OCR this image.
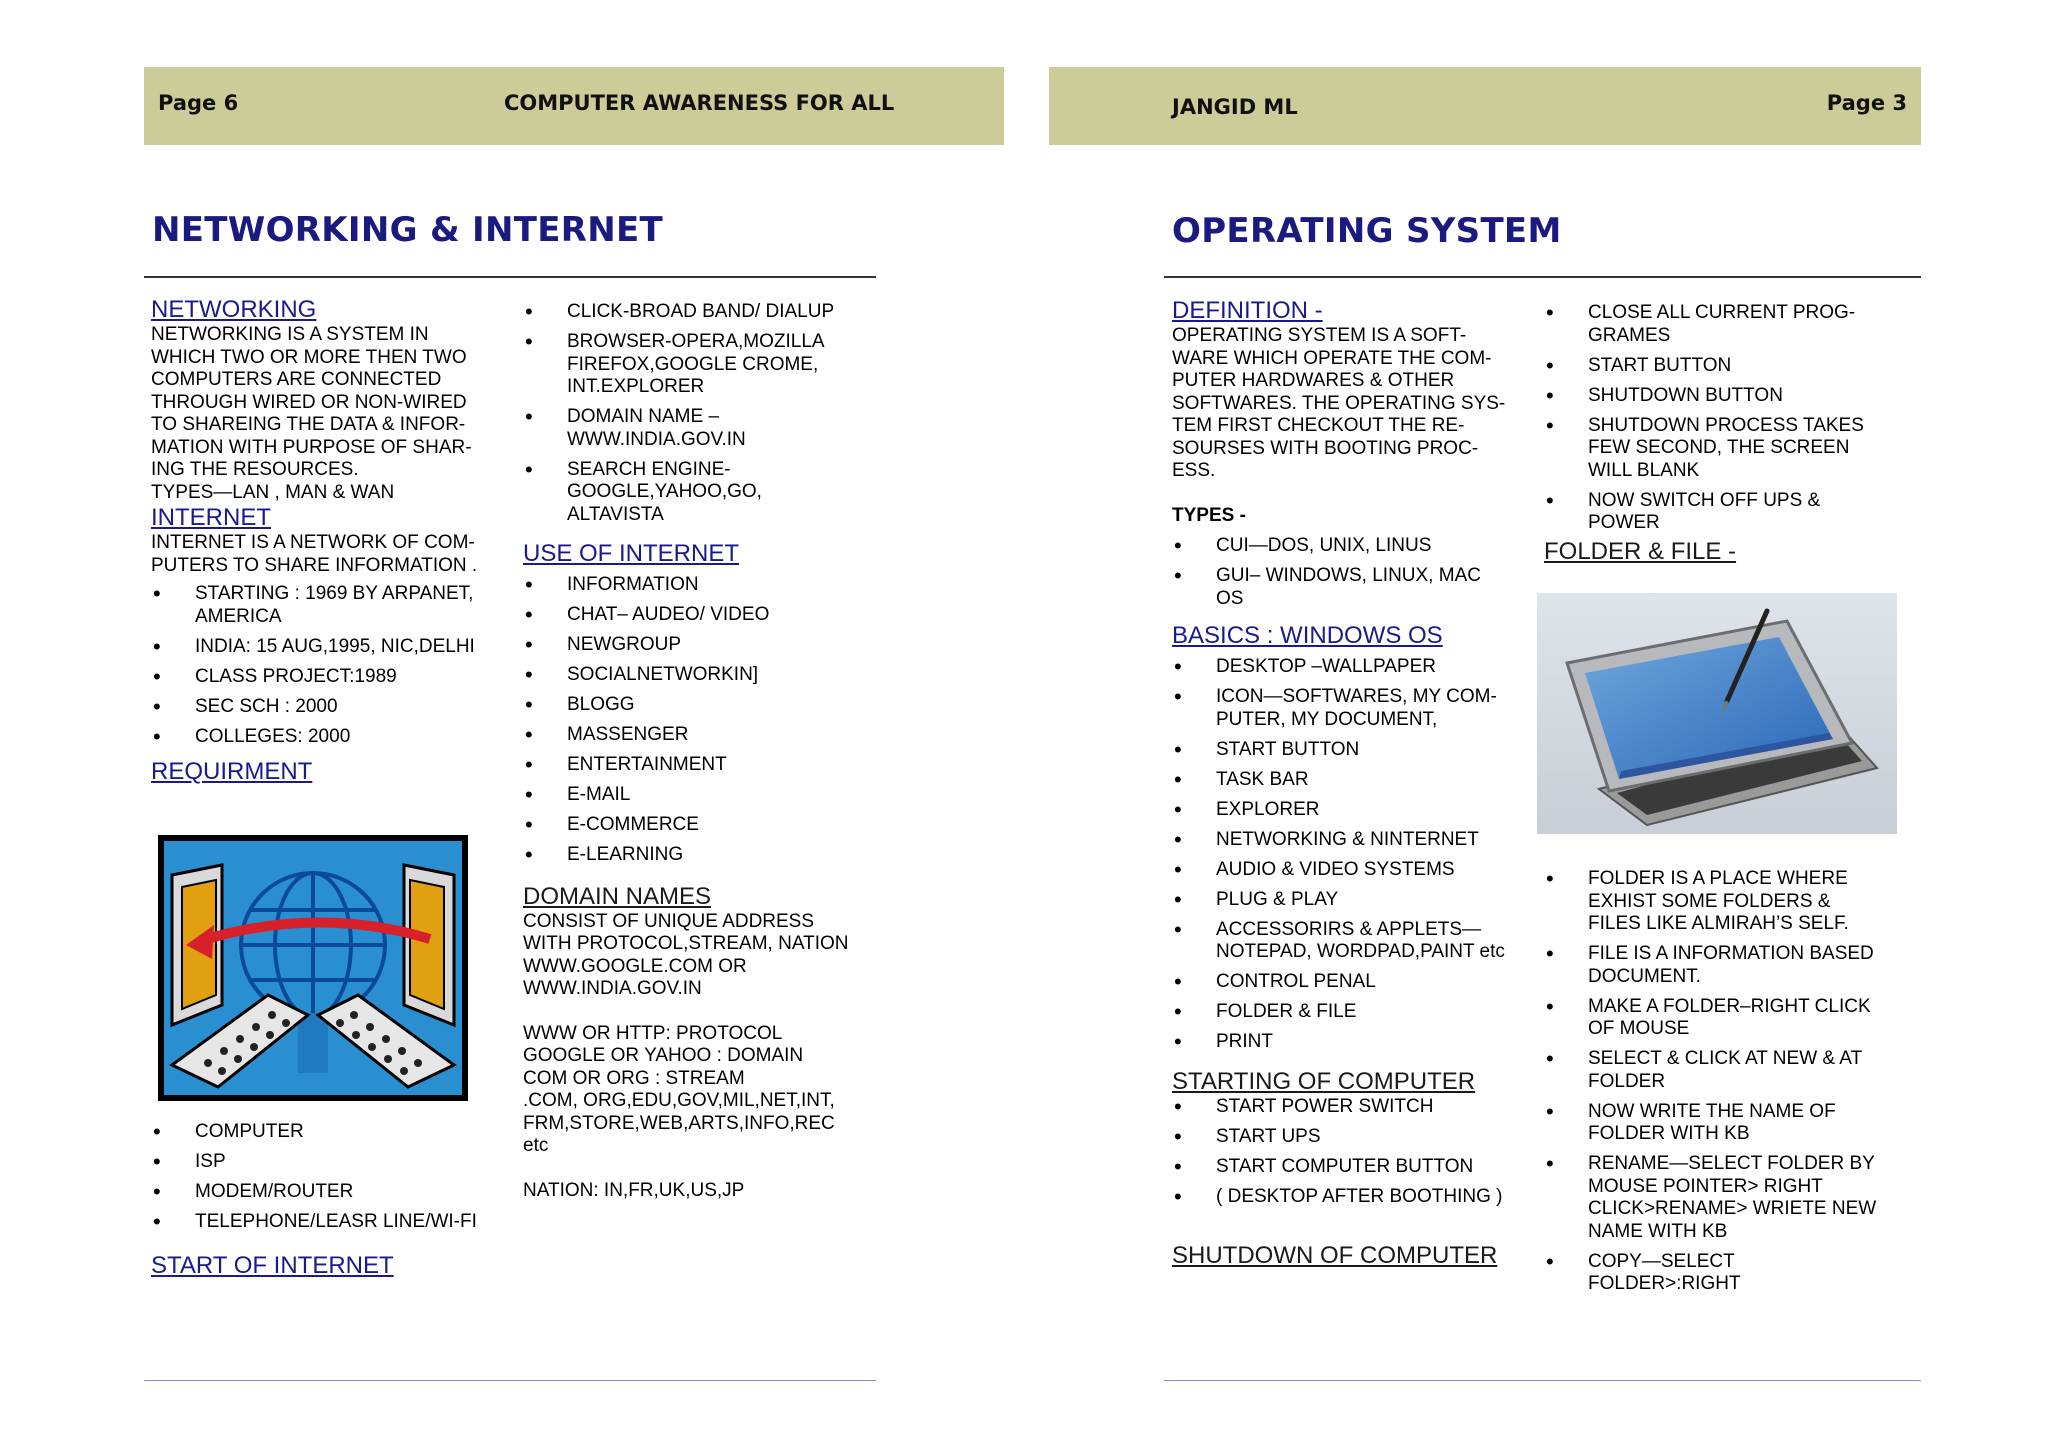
Page 6	COMPUTER AWARENESS FOR ALL
NETWORKING & INTERNET
NETWORKING

NETWORKING IS A SYSTEM IN
WHICH TWO OR MORE THEN TWO
COMPUTERS ARE CONNECTED
THROUGH WIRED OR NON-WIRED
TO SHAREING THE DATA & INFOR-
MATION WITH PURPOSE OF SHAR-
ING THE RESOURCES.
TYPES—LAN , MAN & WAN

INTERNET

INTERNET IS A NETWORK OF COM-
PUTERS TO SHARE INFORMATION .

• STARTING : 1969 BY ARPANET,
AMERICA
• INDIA: 15 AUG,1995, NIC,DELHI
• CLASS PROJECT:1989
• SEC SCH : 2000
• COLLEGES: 2000
REQUIRMENT
• COMPUTER
• ISP
• MODEM/ROUTER
• TELEPHONE/LEASR LINE/WI-FI
START OF INTERNET
• CLICK-BROAD BAND/ DIALUP
• BROWSER-OPERA,MOZILLA
FIREFOX,GOOGLE CROME,
INT.EXPLORER
• DOMAIN NAME –
WWW.INDIA.GOV.IN
• SEARCH ENGINE-
GOOGLE,YAHOO,GO,
ALTAVISTA
USE OF INTERNET
• INFORMATION
• CHAT– AUDEO/ VIDEO
• NEWGROUP
• SOCIALNETWORKIN]
• BLOGG
• MASSENGER
• ENTERTAINMENT
• E-MAIL
• E-COMMERCE
• E-LEARNING
DOMAIN NAMES

CONSIST OF UNIQUE ADDRESS
WITH PROTOCOL,STREAM, NATION
WWW.GOOGLE.COM OR
WWW.INDIA.GOV.IN

WWW OR HTTP: PROTOCOL
GOOGLE OR YAHOO : DOMAIN
COM OR ORG : STREAM
.COM, ORG,EDU,GOV,MIL,NET,INT,
FRM,STORE,WEB,ARTS,INFO,REC
etc

NATION: IN,FR,UK,US,JP

JANGID ML	Page 3
OPERATING SYSTEM
DEFINITION -

OPERATING SYSTEM IS A SOFT-
WARE WHICH OPERATE THE COM-
PUTER HARDWARES & OTHER
SOFTWARES. THE OPERATING SYS-
TEM FIRST CHECKOUT THE RE-
SOURSES WITH BOOTING PROC-
ESS.

TYPES -
• CUI—DOS, UNIX, LINUS
• GUI– WINDOWS, LINUX, MAC
OS
BASICS : WINDOWS OS
• DESKTOP –WALLPAPER
• ICON—SOFTWARES, MY COM-
PUTER, MY DOCUMENT,
• START BUTTON
• TASK BAR
• EXPLORER
• NETWORKING & NINTERNET
• AUDIO & VIDEO SYSTEMS
• PLUG & PLAY
• ACCESSORIRS & APPLETS—
NOTEPAD, WORDPAD,PAINT etc
• CONTROL PENAL
• FOLDER & FILE
• PRINT
STARTING OF COMPUTER
• START POWER SWITCH
• START UPS
• START COMPUTER BUTTON
• ( DESKTOP AFTER BOOTHING )
SHUTDOWN OF COMPUTER
• CLOSE ALL CURRENT PROG-
GRAMES
• START BUTTON
• SHUTDOWN BUTTON
• SHUTDOWN PROCESS TAKES
FEW SECOND, THE SCREEN
WILL BLANK
• NOW SWITCH OFF UPS &
POWER
FOLDER & FILE -
• FOLDER IS A PLACE WHERE
EXHIST SOME FOLDERS &
FILES LIKE ALMIRAH’S SELF.
• FILE IS A INFORMATION BASED
DOCUMENT.
• MAKE A FOLDER–RIGHT CLICK
OF MOUSE
• SELECT & CLICK AT NEW & AT
FOLDER
• NOW WRITE THE NAME OF
FOLDER WITH KB
• RENAME—SELECT FOLDER BY
MOUSE POINTER> RIGHT
CLICK>RENAME> WRIETE NEW
NAME WITH KB
• COPY—SELECT
FOLDER>:RIGHT
